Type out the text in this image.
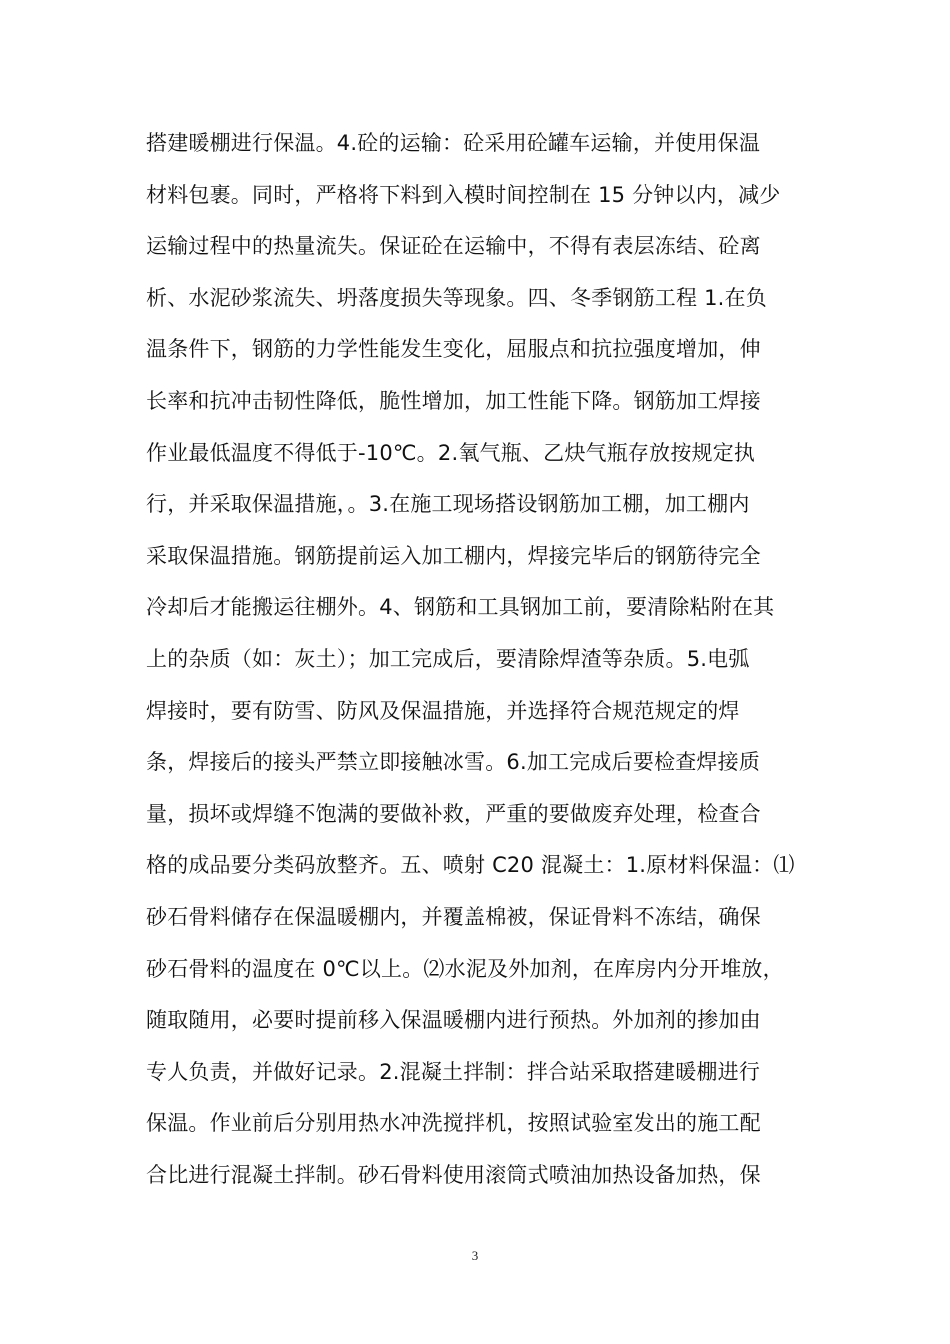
搭建暖棚进行保温。4.砼的运输：砼采用砼罐车运输，并使用保温
材料包裹。同时，严格将下料到入模时间控制在 15 分钟以内，减少
运输过程中的热量流失。保证砼在运输中，不得有表层冻结、砼离
析、水泥砂浆流失、坍落度损失等现象。四、冬季钢筋工程 1.在负
温条件下，钢筋的力学性能发生变化，屈服点和抗拉强度增加，伸
长率和抗冲击韧性降低，脆性增加，加工性能下降。钢筋加工焊接
作业最低温度不得低于-10℃。2.氧气瓶、乙炔气瓶存放按规定执
行，并采取保温措施，。3.在施工现场搭设钢筋加工棚，加工棚内
采取保温措施。钢筋提前运入加工棚内，焊接完毕后的钢筋待完全
冷却后才能搬运往棚外。4、钢筋和工具钢加工前，要清除粘附在其
上的杂质（如：灰土）；加工完成后，要清除焊渣等杂质。5.电弧
焊接时，要有防雪、防风及保温措施，并选择符合规范规定的焊
条，焊接后的接头严禁立即接触冰雪。6.加工完成后要检查焊接质
量，损坏或焊缝不饱满的要做补救，严重的要做废弃处理，检查合
格的成品要分类码放整齐。五、喷射 C20 混凝土：1.原材料保温：⑴
砂石骨料储存在保温暖棚内，并覆盖棉被，保证骨料不冻结，确保
砂石骨料的温度在 0℃以上。⑵水泥及外加剂，在库房内分开堆放，
随取随用，必要时提前移入保温暖棚内进行预热。外加剂的掺加由
专人负责，并做好记录。2.混凝土拌制：拌合站采取搭建暖棚进行
保温。作业前后分别用热水冲洗搅拌机，按照试验室发出的施工配
合比进行混凝土拌制。砂石骨料使用滚筒式喷油加热设备加热，保
3
